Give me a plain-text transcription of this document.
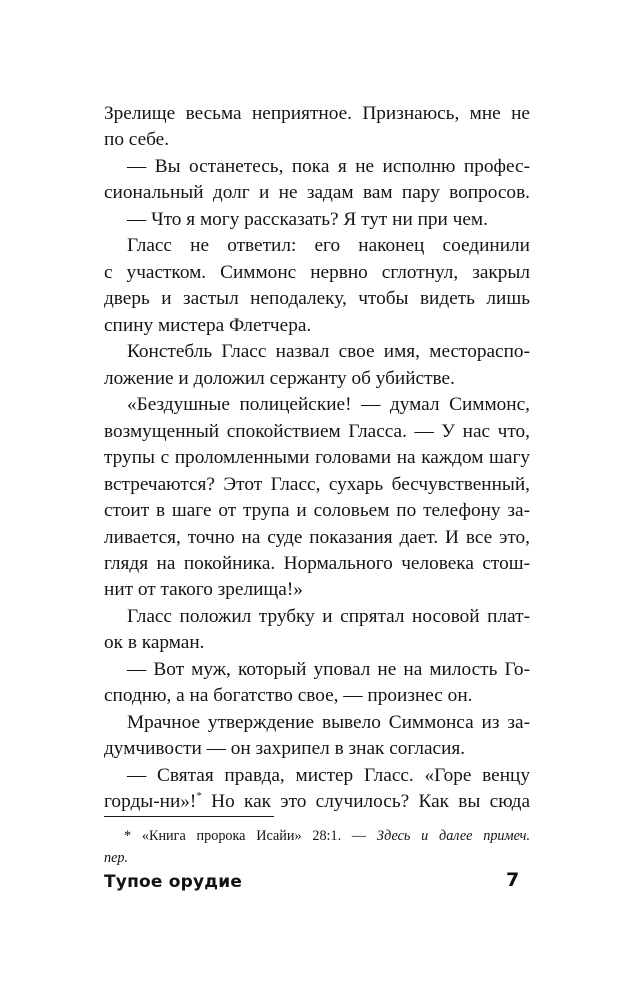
Зрелище весьма неприятное. Признаюсь, мне не
по себе.
— Вы останетесь, пока я не исполню профес-
сиональный долг и не задам вам пару вопросов.
— Что я могу рассказать? Я тут ни при чем.
Гласс не ответил: его наконец соединили
с участком. Симмонс нервно сглотнул, закрыл
дверь и застыл неподалеку, чтобы видеть лишь
спину мистера Флетчера.
Констебль Гласс назвал свое имя, местораспо-
ложение и доложил сержанту об убийстве.
«Бездушные полицейские! — думал Симмонс,
возмущенный спокойствием Гласса. — У нас что,
трупы с проломленными головами на каждом шагу
встречаются? Этот Гласс, сухарь бесчувственный,
стоит в шаге от трупа и соловьем по телефону за-
ливается, точно на суде показания дает. И все это,
глядя на покойника. Нормального человека стош-
нит от такого зрелища!»
Гласс положил трубку и спрятал носовой плат-
ок в карман.
— Вот муж, который уповал не на милость Го-
сподню, а на богатство свое, — произнес он.
Мрачное утверждение вывело Симмонса из за-
думчивости — он захрипел в знак согласия.
— Святая правда, мистер Гласс. «Горе венцу
горды-ни»!* Но как это случилось? Как вы сюда
* «Книга пророка Исайи» 28:1. — Здесь и далее примеч.
пер.
Тупое орудие	7
